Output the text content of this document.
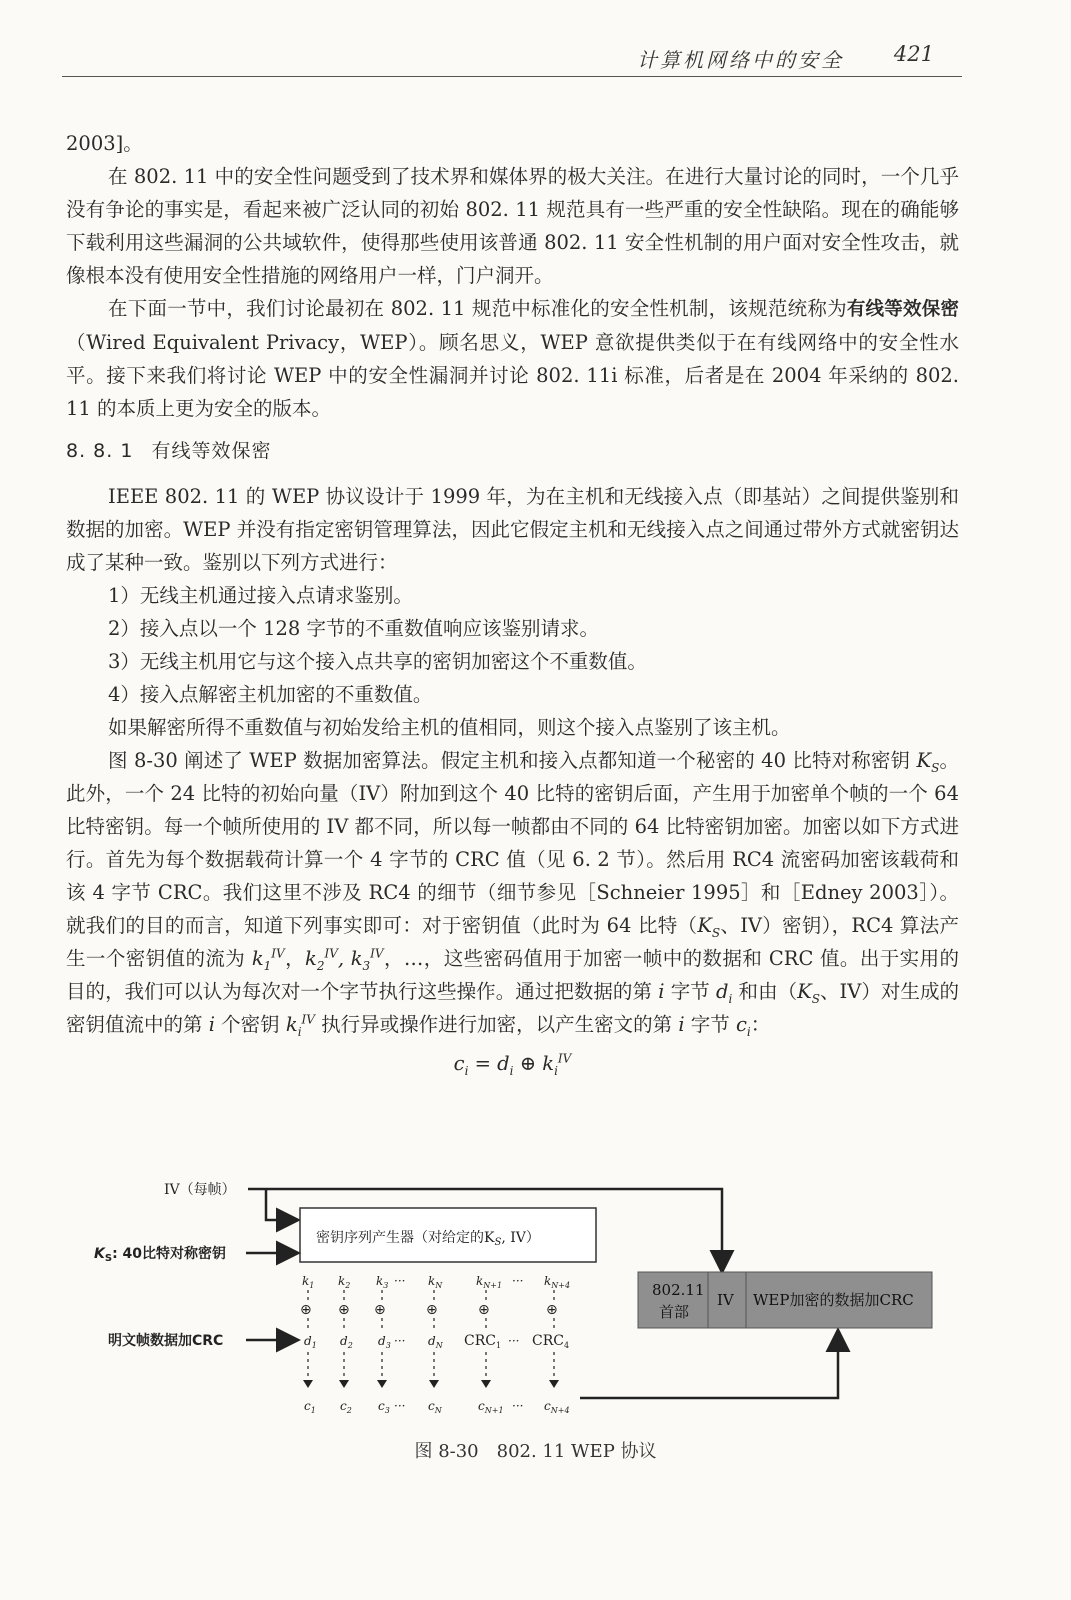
计算机网络中的安全 421

2003]。

在 802. 11 中的安全性问题受到了技术界和媒体界的极大关注。在进行大量讨论的同时，一个几乎没有争论的事实是，看起来被广泛认同的初始 802. 11 规范具有一些严重的安全性缺陷。现在的确能够下载利用这些漏洞的公共域软件，使得那些使用该普通 802. 11 安全性机制的用户面对安全性攻击，就像根本没有使用安全性措施的网络用户一样，门户洞开。

在下面一节中，我们讨论最初在 802. 11 规范中标准化的安全性机制，该规范统称为有线等效保密（Wired Equivalent Privacy，WEP）。顾名思义，WEP 意欲提供类似于在有线网络中的安全性水平。接下来我们将讨论 WEP 中的安全性漏洞并讨论 802. 11i 标准，后者是在 2004 年采纳的 802. 11 的本质上更为安全的版本。

8. 8. 1 有线等效保密

IEEE 802. 11 的 WEP 协议设计于 1999 年，为在主机和无线接入点（即基站）之间提供鉴别和数据的加密。WEP 并没有指定密钥管理算法，因此它假定主机和无线接入点之间通过带外方式就密钥达成了某种一致。鉴别以下列方式进行：

1）无线主机通过接入点请求鉴别。

2）接入点以一个 128 字节的不重数值响应该鉴别请求。

3）无线主机用它与这个接入点共享的密钥加密这个不重数值。

4）接入点解密主机加密的不重数值。

如果解密所得不重数值与初始发给主机的值相同，则这个接入点鉴别了该主机。

图 8-30 阐述了 WEP 数据加密算法。假定主机和接入点都知道一个秘密的 40 比特对称密钥 $K_S$。此外，一个 24 比特的初始向量（IV）附加到这个 40 比特的密钥后面，产生用于加密单个帧的一个 64 比特密钥。每一个帧所使用的 IV 都不同，所以每一帧都由不同的 64 比特密钥加密。加密以如下方式进行。首先为每个数据载荷计算一个 4 字节的 CRC 值（见 6. 2 节）。然后用 RC4 流密码加密该载荷和该 4 字节 CRC。我们这里不涉及 RC4 的细节（细节参见［Schneier 1995］和［Edney 2003］）。就我们的目的而言，知道下列事实即可：对于密钥值（此时为 64 比特（$K_S$、IV）密钥），RC4 算法产生一个密钥值的流为 $k_1^{IV}$，$k_2^{IV}$, $k_3^{IV}$，…，这些密码值用于加密一帧中的数据和 CRC 值。出于实用的目的，我们可以认为每次对一个字节执行这些操作。通过把数据的第 i 字节 $d_i$ 和由（$K_S$、IV）对生成的密钥值流中的第 i 个密钥 $k_i^{IV}$ 执行异或操作进行加密，以产生密文的第 i 字节 $c_i$：

$c_i = d_i$ ⊕ $k_i^{IV}$

IV（每帧）
密钥序列产生器（对给定的$K_S$, IV）
$K_S$: 40比特对称密钥
$k_1$ $k_2$ $k_3$ ··· $k_N$	$k_{N+1}$ ··· $k_{N+4}$
⊕ ⊕ ⊕	⊕	⊕	⊕
明文帧数据加CRC	$d_1$ $d_2$ $d_3$ ··· $d_N$ $CRC_1$ ··· $CRC_4$
$c_1$ $c_2$ $c_3$ ··· $c_N$	$c_{N+1}$ ··· $c_{N+4}$
802.11
首部
IV WEP加密的数据加CRC
图 8-30　802. 11 WEP 协议
